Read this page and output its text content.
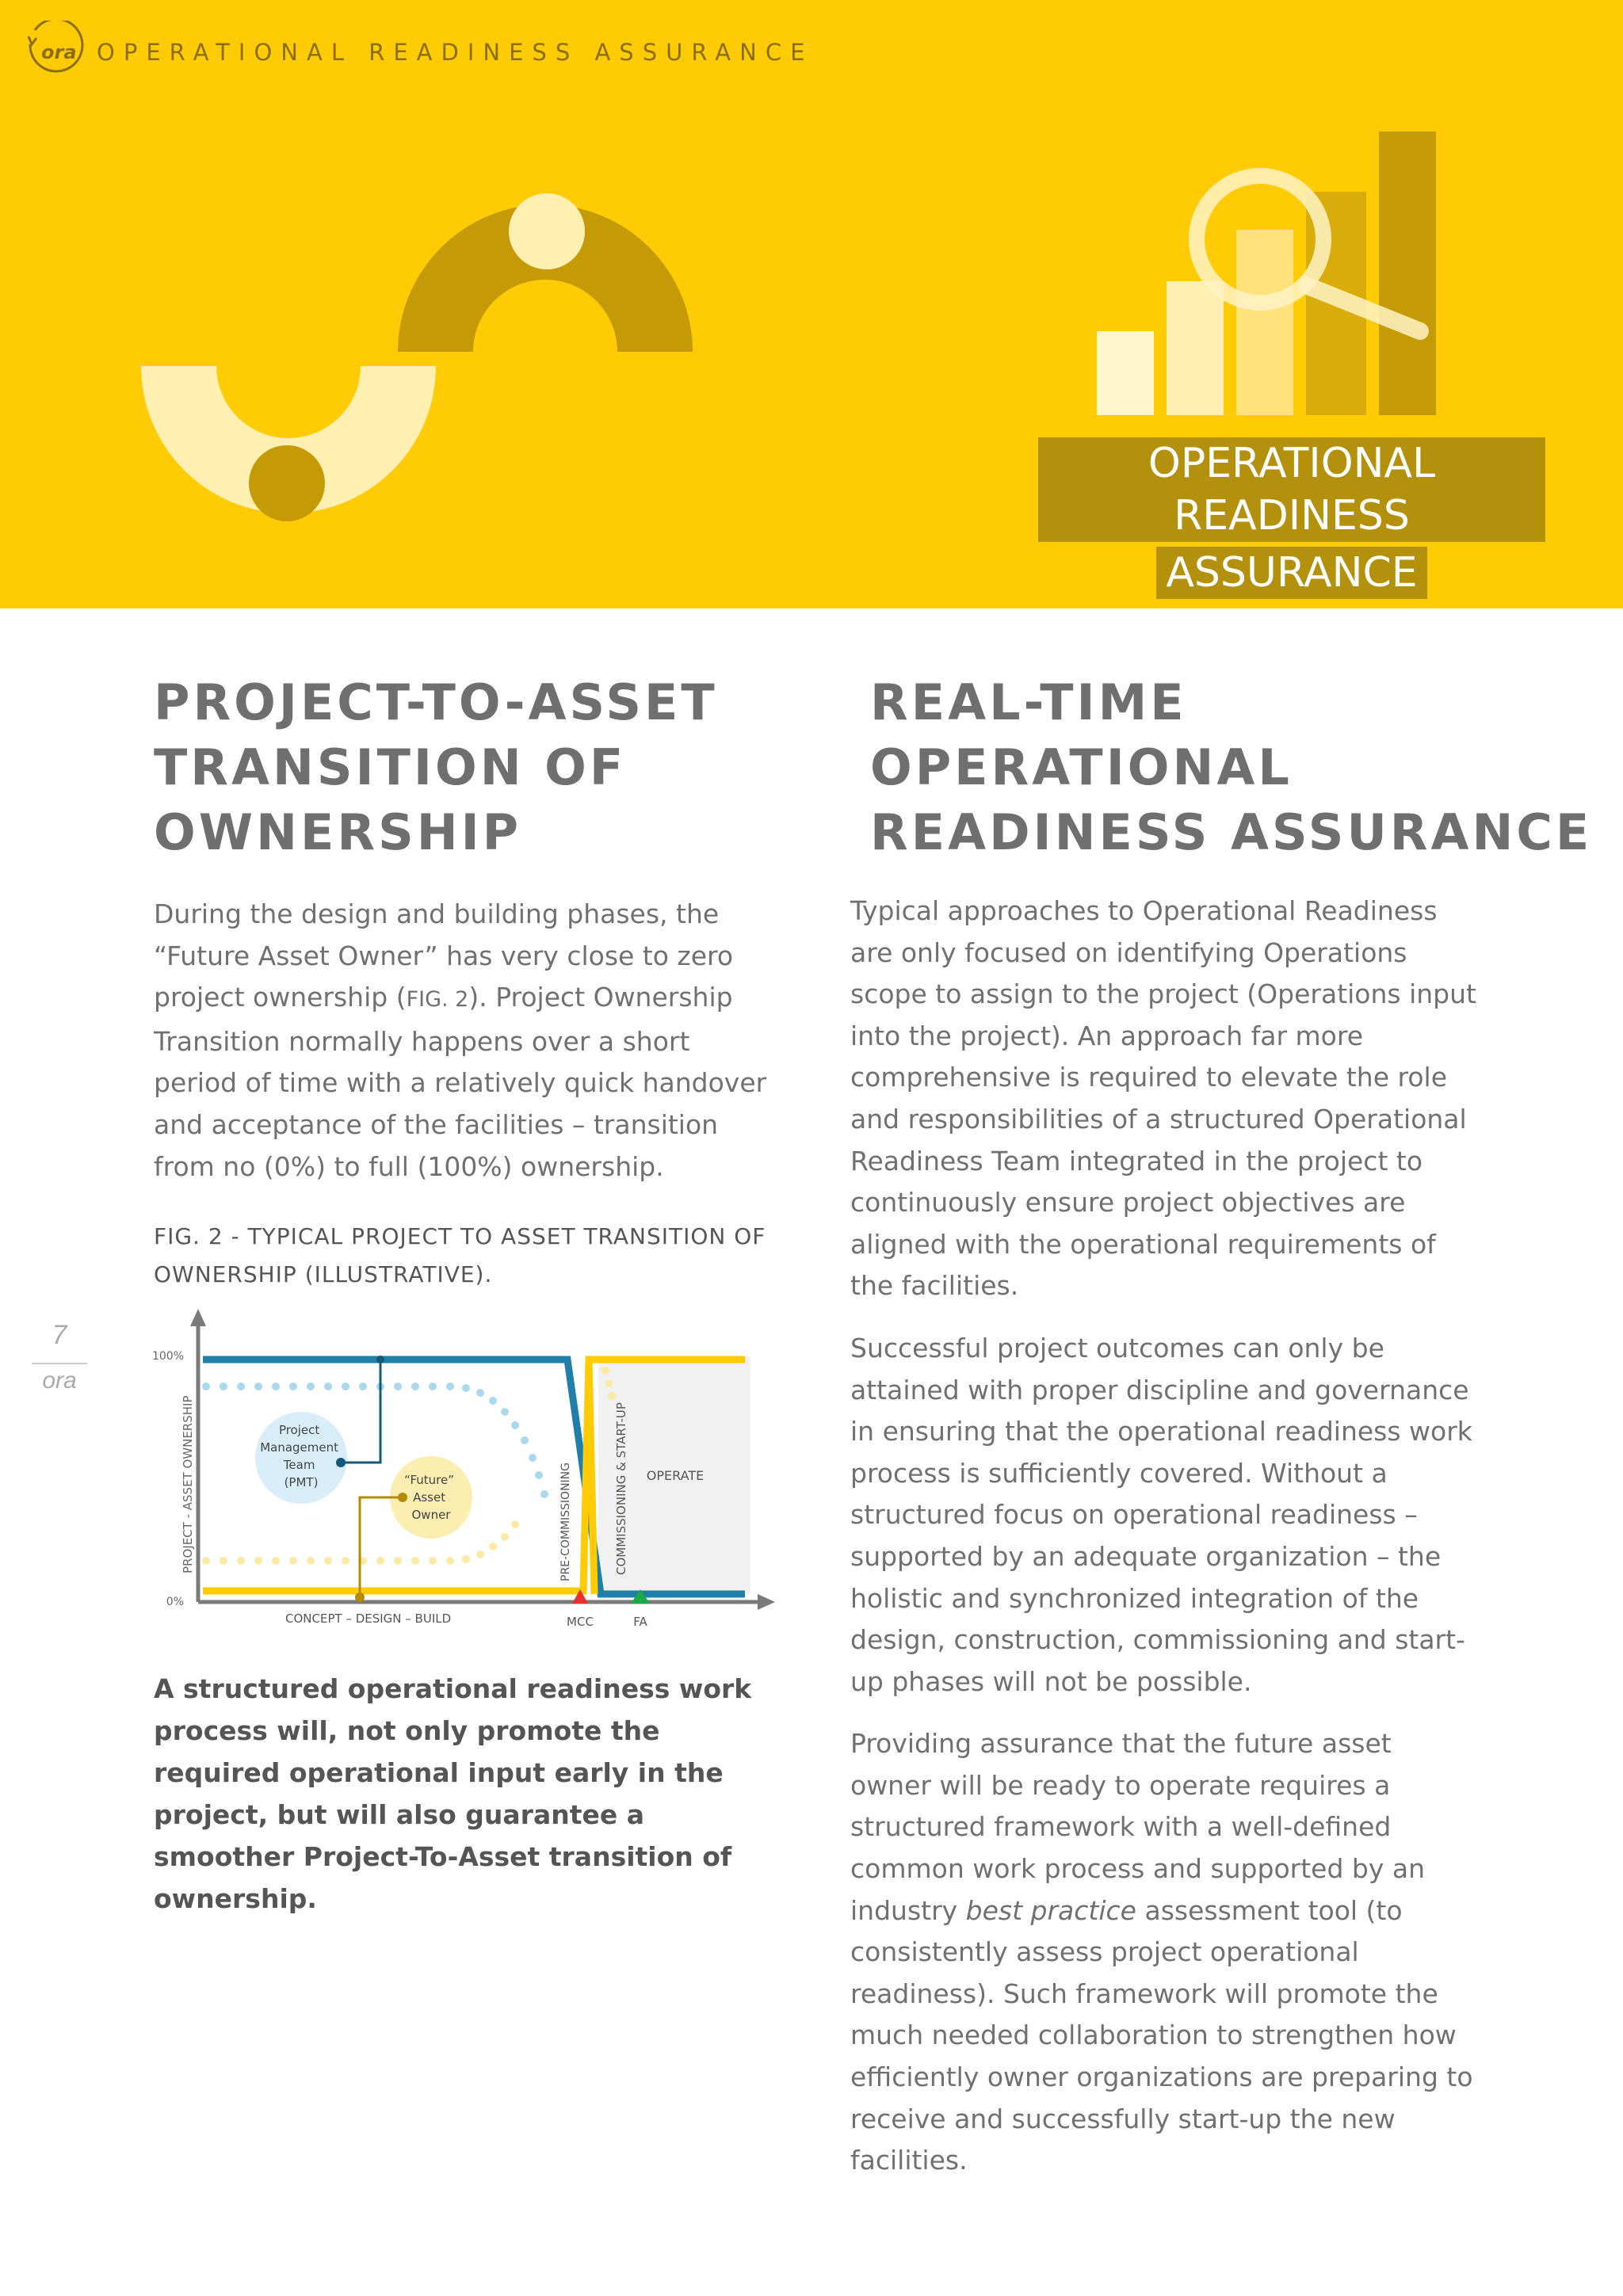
ora OPERATIONAL READINESS ASSURANCE
OPERATIONAL READINESS
ASSURANCE
PROJECT-TO-ASSET
TRANSITION OF
OWNERSHIP

During the design and building phases, the “Future Asset Owner” has very close to zero project ownership (FIG. 2). Project Ownership Transition normally happens over a short period of time with a relatively quick handover and acceptance of the facilities – transition from no (0%) to full (100%) ownership.

FIG. 2 - TYPICAL PROJECT TO ASSET TRANSITION OF OWNERSHIP (ILLUSTRATIVE).
7
ora
100%
0%
PROJECT - ASSET OWNERSHIP
CONCEPT – DESIGN – BUILD
Project Management Team (PMT)	“Future” Asset Owner	PRE-COMMISSIONING	COMMISSIONING & START-UP OPERATE
MCC	FA
A structured operational readiness work process will, not only promote the required operational input early in the project, but will also guarantee a smoother Project-To-Asset transition of ownership.
REAL-TIME
OPERATIONAL
READINESS ASSURANCE

Typical approaches to Operational Readiness are only focused on identifying Operations scope to assign to the project (Operations input into the project). An approach far more comprehensive is required to elevate the role and responsibilities of a structured Operational Readiness Team integrated in the project to continuously ensure project objectives are aligned with the operational requirements of the facilities.

Successful project outcomes can only be attained with proper discipline and governance in ensuring that the operational readiness work process is sufficiently covered. Without a structured focus on operational readiness – supported by an adequate organization – the holistic and synchronized integration of the design, construction, commissioning and start-up phases will not be possible.

Providing assurance that the future asset owner will be ready to operate requires a structured framework with a well-defined common work process and supported by an industry best practice assessment tool (to consistently assess project operational readiness). Such framework will promote the much needed collaboration to strengthen how efficiently owner organizations are preparing to receive and successfully start-up the new facilities.
